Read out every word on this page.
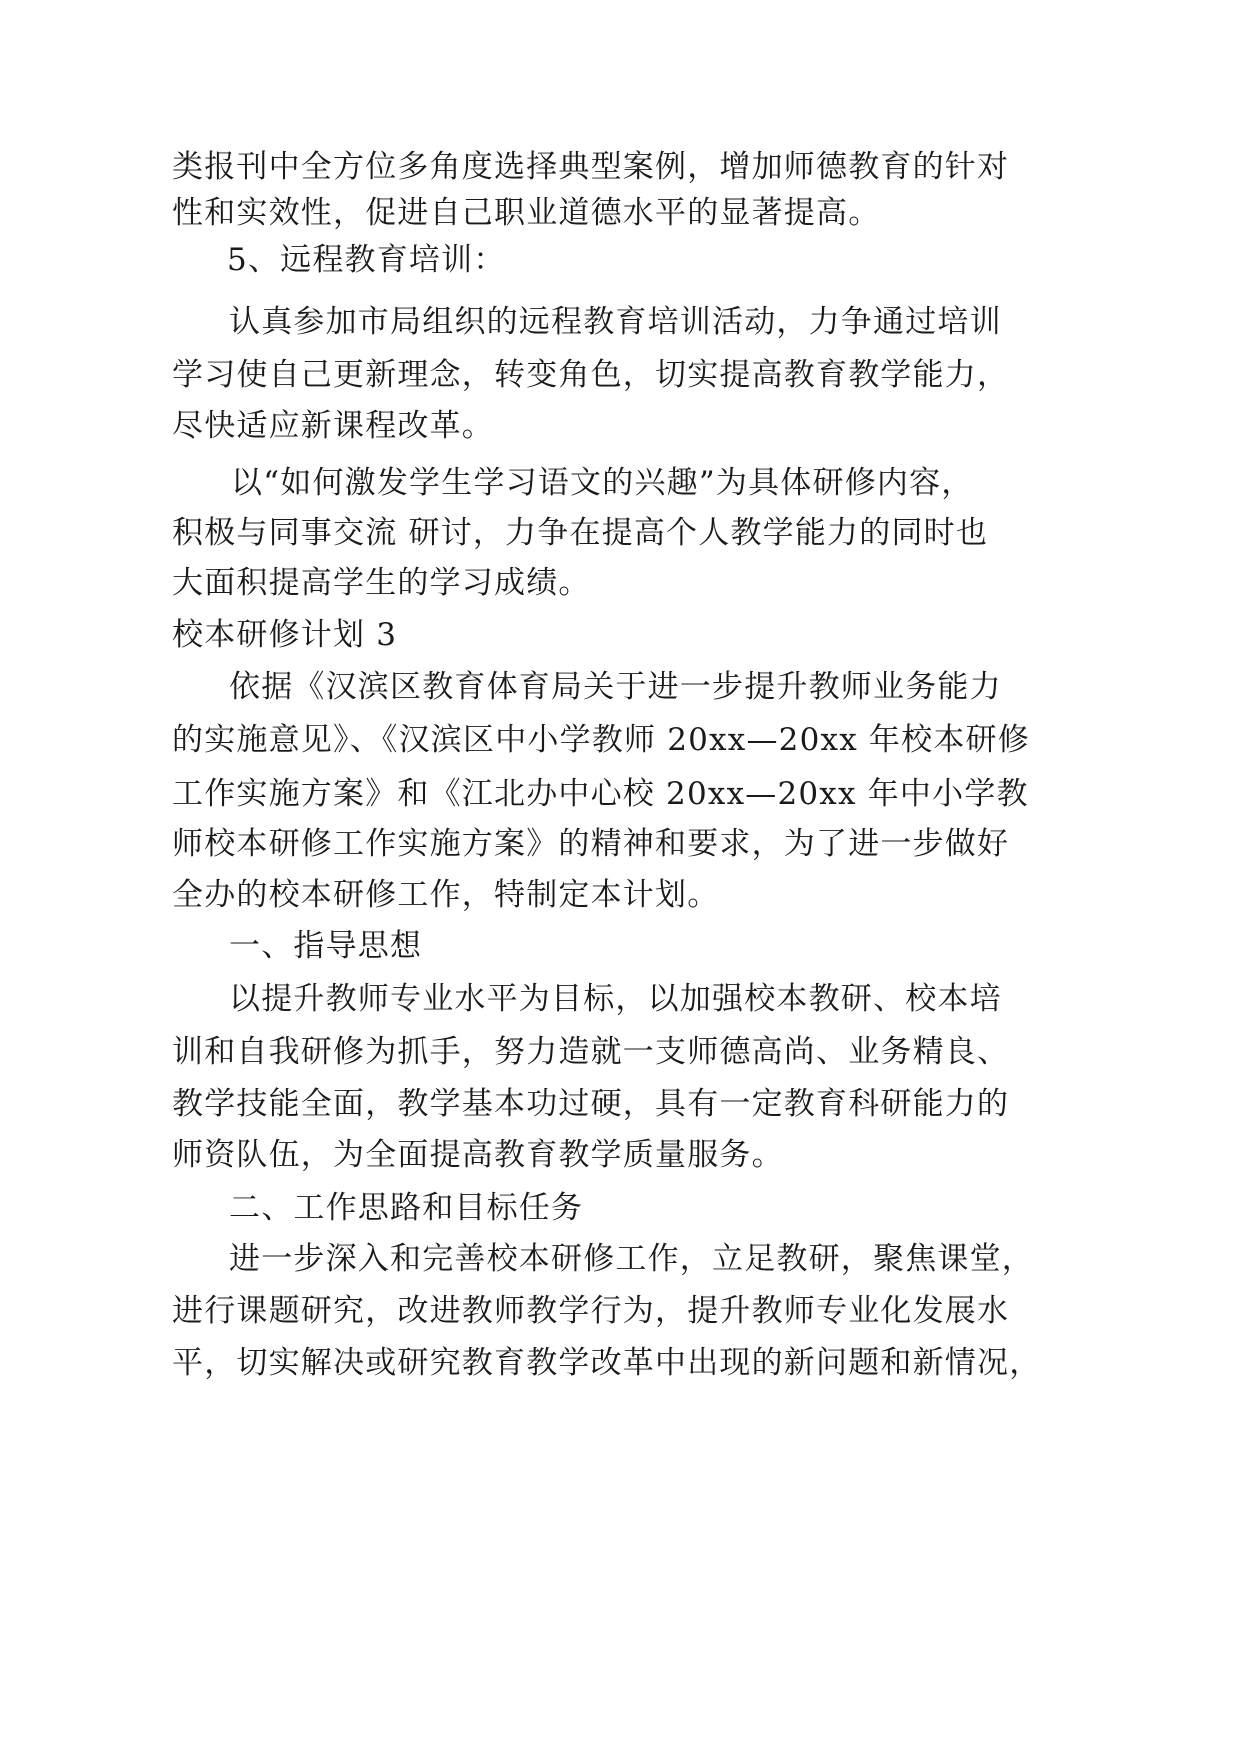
类报刊中全方位多角度选择典型案例，增加师德教育的针对
性和实效性，促进自己职业道德水平的显著提高。
5、远程教育培训：
认真参加市局组织的远程教育培训活动，力争通过培训
学习使自己更新理念，转变角色，切实提高教育教学能力，
尽快适应新课程改革。
以“如何激发学生学习语文的兴趣”为具体研修内容，
积极与同事交流 研讨，力争在提高个人教学能力的同时也
大面积提高学生的学习成绩。
校本研修计划 3
依据《汉滨区教育体育局关于进一步提升教师业务能力
的实施意见》、《汉滨区中小学教师 20xx—20xx 年校本研修
工作实施方案》和《江北办中心校 20xx—20xx 年中小学教
师校本研修工作实施方案》的精神和要求，为了进一步做好
全办的校本研修工作，特制定本计划。
一、指导思想
以提升教师专业水平为目标，以加强校本教研、校本培
训和自我研修为抓手，努力造就一支师德高尚、业务精良、
教学技能全面，教学基本功过硬，具有一定教育科研能力的
师资队伍，为全面提高教育教学质量服务。
二、工作思路和目标任务
进一步深入和完善校本研修工作，立足教研，聚焦课堂，
进行课题研究，改进教师教学行为，提升教师专业化发展水
平，切实解决或研究教育教学改革中出现的新问题和新情况，
